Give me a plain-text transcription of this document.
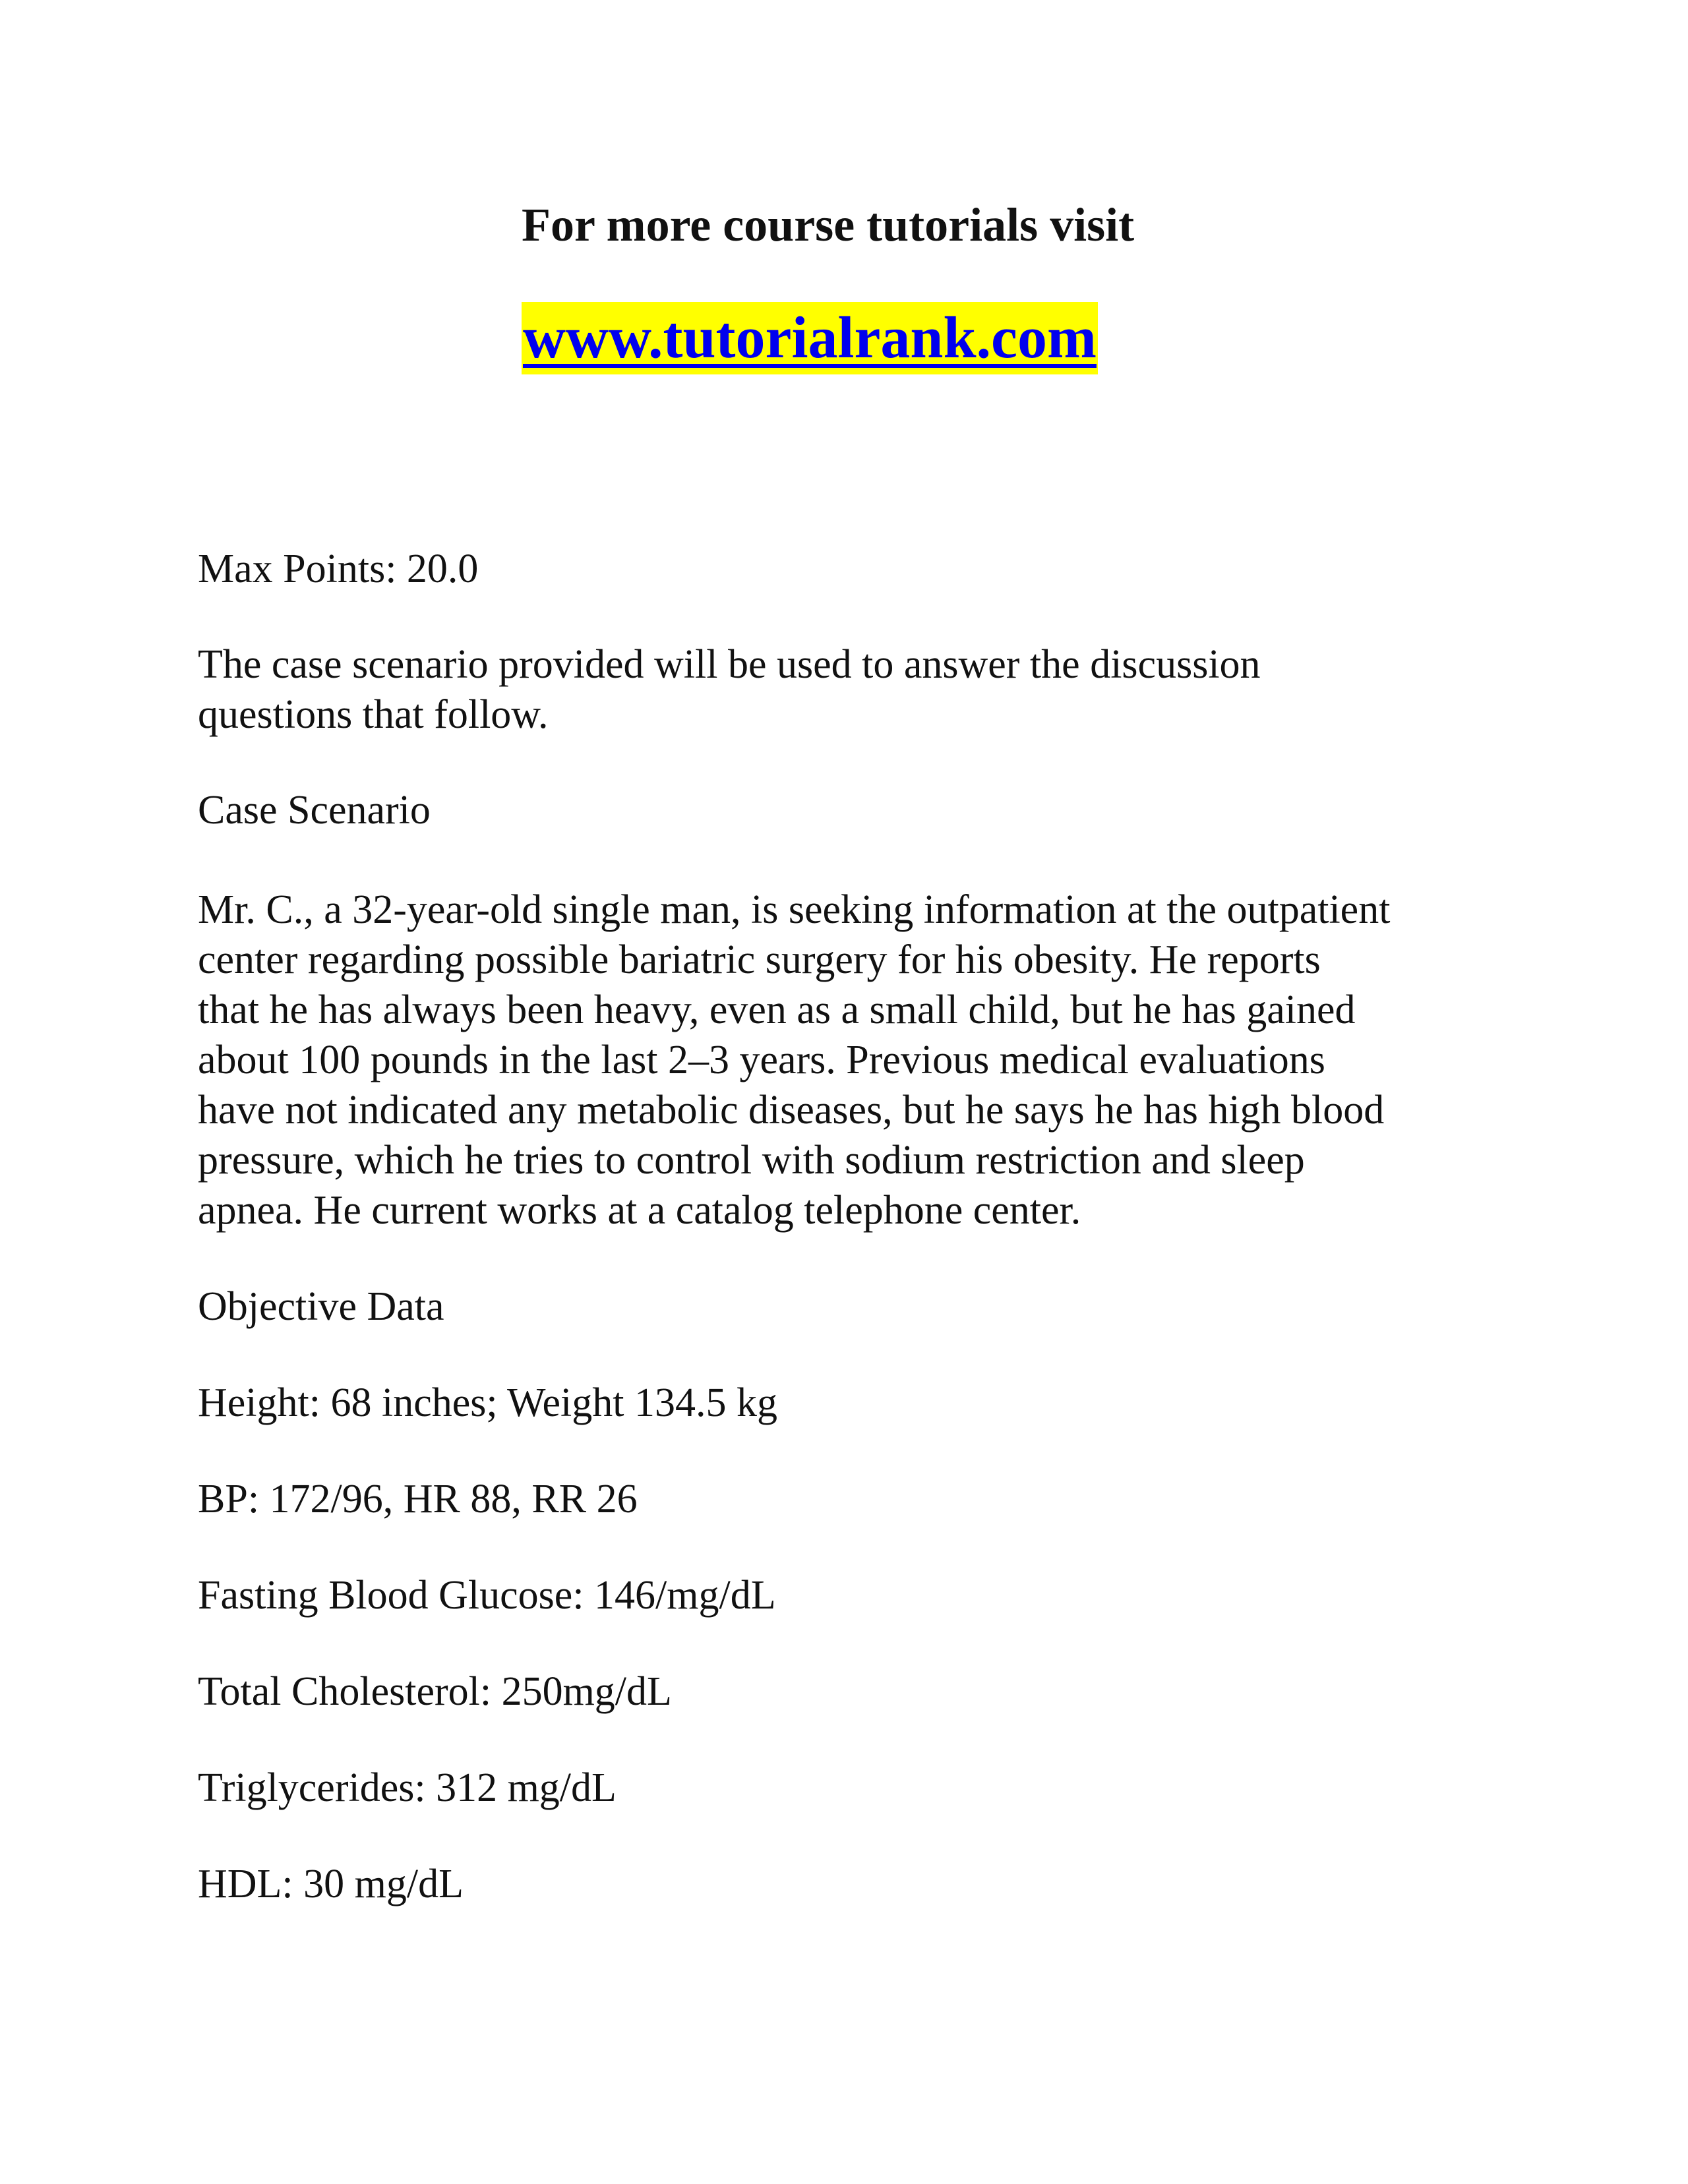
For more course tutorials visit
www.tutorialrank.com

Max Points: 20.0

The case scenario provided will be used to answer the discussion
questions that follow.

Case Scenario

Mr. C., a 32-year-old single man, is seeking information at the outpatient
center regarding possible bariatric surgery for his obesity. He reports
that he has always been heavy, even as a small child, but he has gained
about 100 pounds in the last 2–3 years. Previous medical evaluations
have not indicated any metabolic diseases, but he says he has high blood
pressure, which he tries to control with sodium restriction and sleep
apnea. He current works at a catalog telephone center.

Objective Data

Height: 68 inches; Weight 134.5 kg

BP: 172/96, HR 88, RR 26

Fasting Blood Glucose: 146/mg/dL

Total Cholesterol: 250mg/dL

Triglycerides: 312 mg/dL

HDL: 30 mg/dL
